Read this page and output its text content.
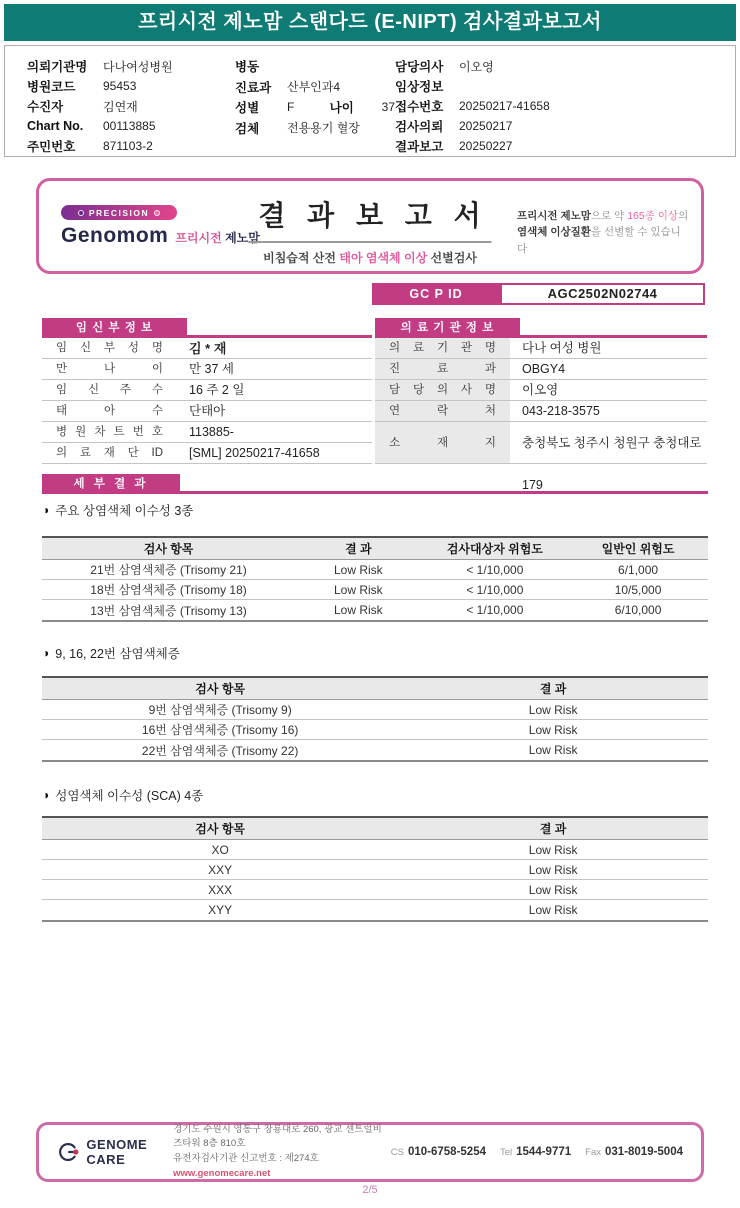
프리시전 제노맘 스탠다드 (E-NIPT) 검사결과보고서
의뢰기관명	다나여성병원
병원코드	95453
수진자	김연재
Chart No.	00113885
주민번호	871103-2
병동
진료과	산부인과4
성별	F	나이	37
검체	전용용기 혈장
담당의사	이오영
임상정보
접수번호	20250217-41658
검사의뢰	20250217
결과보고	20250227
PRECISION
Genomom 프리시전 제노맘
결 과 보 고 서
비침습적 산전 태아 염색체 이상 선별검사
프리시전 제노맘으로 약 165종 이상의 염색체 이상질환을 선별할 수 있습니다
GC P ID	AGC2502N02744
임 신 부 정 보
임 신 부 성 명	김 * 재
만 나 이	만 37 세
임 신 주 수	16 주 2 일
태 아 수	단태아
병 원 차 트 번 호	113885-
의 료 재 단 ID	[SML] 20250217-41658
의 료 기 관 정 보
의 료 기 관 명	다나 여성 병원
진 료 과	OBGY4
담 당 의 사 명	이오영
연 락 처	043-218-3575
소 재 지	충청북도 청주시 청원구 충청대로 179
세 부 결 과
◑
주요 상염색체 이수성 3종
검사 항목	결 과	검사대상자 위험도	일반인 위험도
21번 삼염색체증 (Trisomy 21)	Low Risk	< 1/10,000	6/1,000
18번 삼염색체증 (Trisomy 18)	Low Risk	< 1/10,000	10/5,000
13번 삼염색체증 (Trisomy 13)	Low Risk	< 1/10,000	6/10,000
◑
9, 16, 22번 삼염색체증
검사 항목	결 과
9번 삼염색체증 (Trisomy 9)	Low Risk
16번 삼염색체증 (Trisomy 16)	Low Risk
22번 삼염색체증 (Trisomy 22)	Low Risk
◑
성염색체 이수성 (SCA) 4종
검사 항목	결 과
XO	Low Risk
XXY	Low Risk
XXX	Low Risk
XYY	Low Risk
GENOME CARE
경기도 수원시 영통구 창룡대로 260, 광교 센트럴비즈타워 8층 810호
유전자검사기관 신고번호 : 제274호
www.genomecare.net
CS 010-6758-5254 Tel 1544-9771 Fax 031-8019-5004
2/5
